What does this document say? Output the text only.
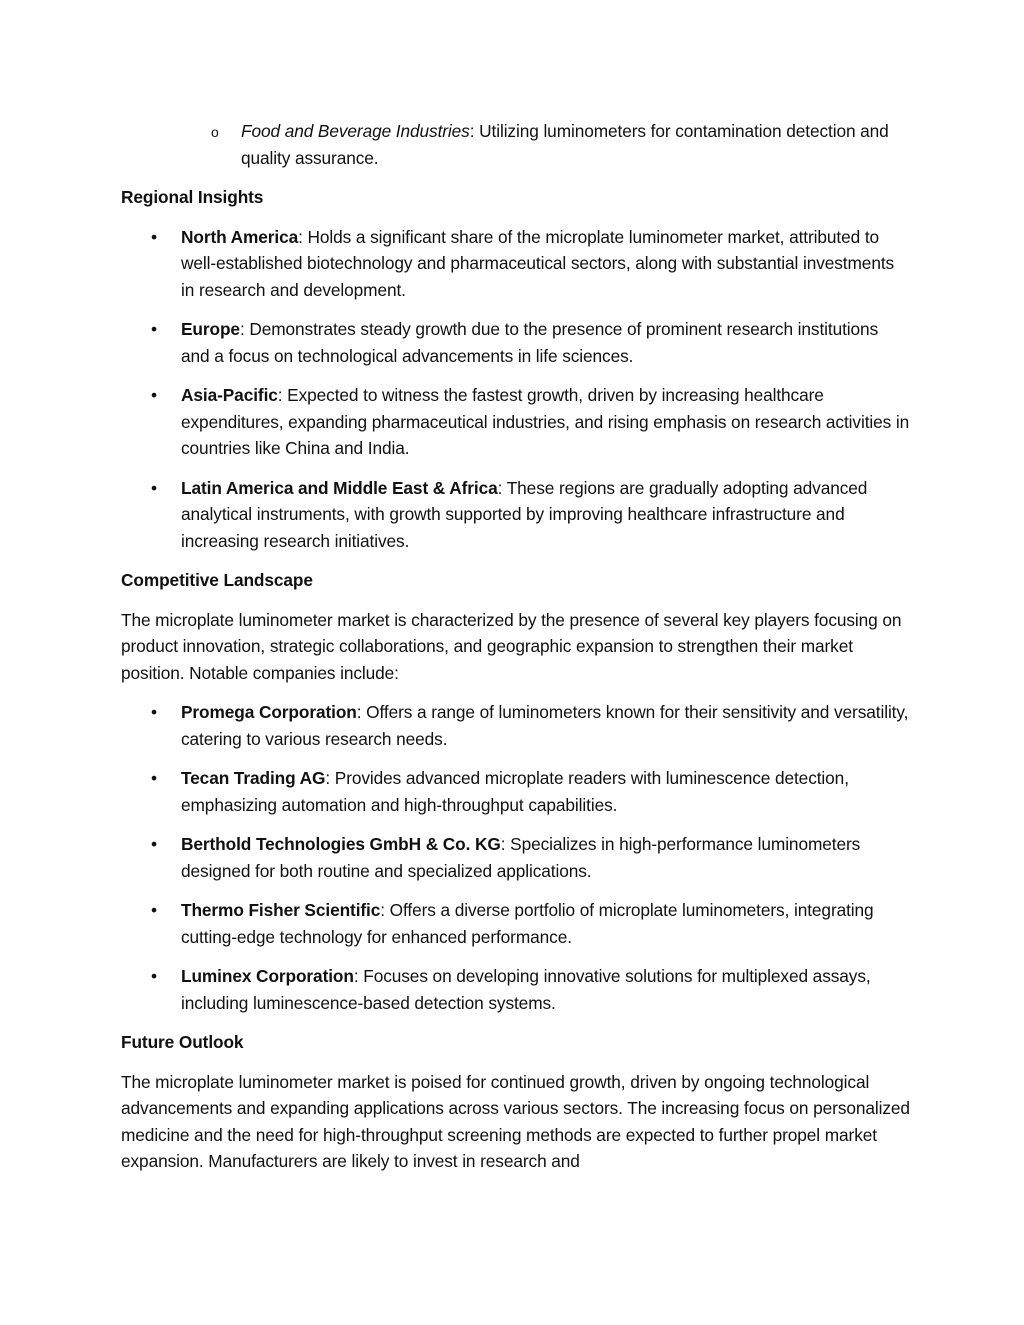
o Food and Beverage Industries: Utilizing luminometers for contamination detection and quality assurance.

Regional Insights

• North America: Holds a significant share of the microplate luminometer market, attributed to well-established biotechnology and pharmaceutical sectors, along with substantial investments in research and development.
• Europe: Demonstrates steady growth due to the presence of prominent research institutions and a focus on technological advancements in life sciences.
• Asia-Pacific: Expected to witness the fastest growth, driven by increasing healthcare expenditures, expanding pharmaceutical industries, and rising emphasis on research activities in countries like China and India.
• Latin America and Middle East & Africa: These regions are gradually adopting advanced analytical instruments, with growth supported by improving healthcare infrastructure and increasing research initiatives.

Competitive Landscape

The microplate luminometer market is characterized by the presence of several key players focusing on product innovation, strategic collaborations, and geographic expansion to strengthen their market position. Notable companies include:

• Promega Corporation: Offers a range of luminometers known for their sensitivity and versatility, catering to various research needs.
• Tecan Trading AG: Provides advanced microplate readers with luminescence detection, emphasizing automation and high-throughput capabilities.
• Berthold Technologies GmbH & Co. KG: Specializes in high-performance luminometers designed for both routine and specialized applications.
• Thermo Fisher Scientific: Offers a diverse portfolio of microplate luminometers, integrating cutting-edge technology for enhanced performance.
• Luminex Corporation: Focuses on developing innovative solutions for multiplexed assays, including luminescence-based detection systems.

Future Outlook

The microplate luminometer market is poised for continued growth, driven by ongoing technological advancements and expanding applications across various sectors. The increasing focus on personalized medicine and the need for high-throughput screening methods are expected to further propel market expansion. Manufacturers are likely to invest in research and
